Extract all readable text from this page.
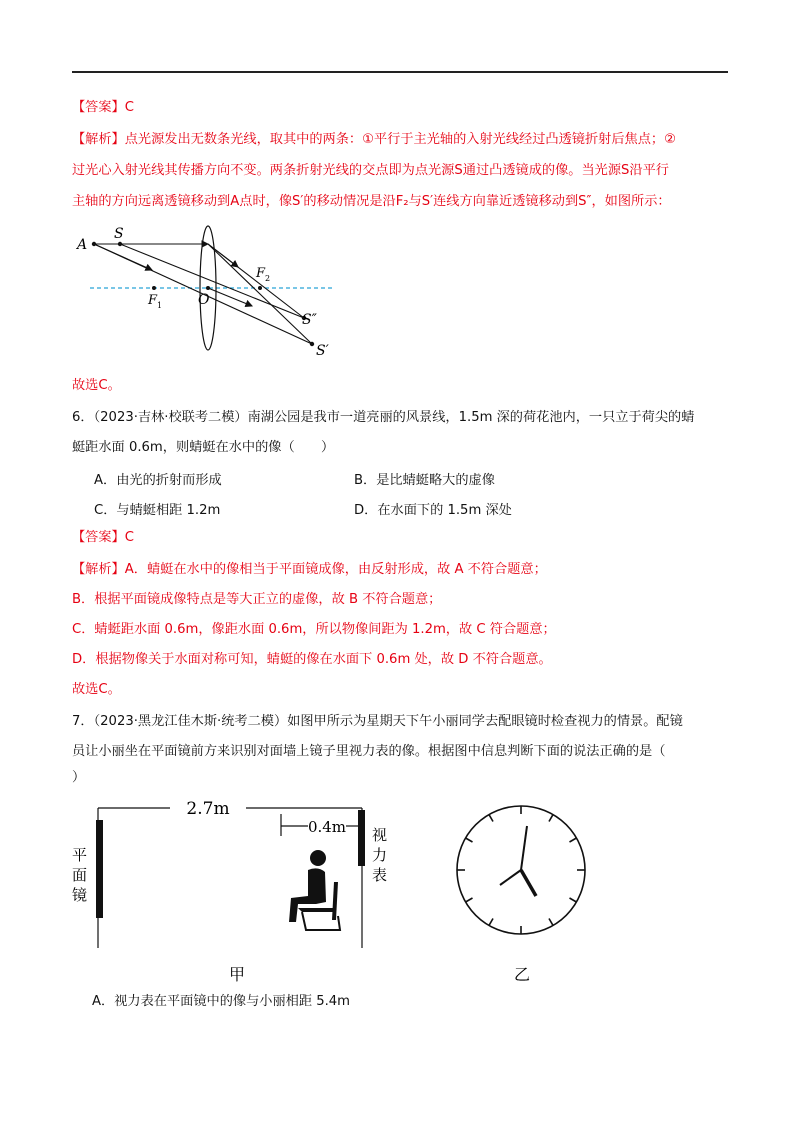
【答案】C
【解析】点光源发出无数条光线，取其中的两条：①平行于主光轴的入射光线经过凸透镜折射后焦点；②
过光心入射光线其传播方向不变。两条折射光线的交点即为点光源S通过凸透镜成的像。当光源S沿平行
主轴的方向远离透镜移动到A点时，像S′的移动情况是沿F₂与S′连线方向靠近透镜移动到S″，如图所示：
A
S
F 1
F 2
O
S″
S′
故选C。
6．（2023·吉林·校联考二模）南湖公园是我市一道亮丽的风景线，1.5m 深的荷花池内，一只立于荷尖的蜻
蜓距水面 0.6m，则蜻蜓在水中的像（　　）
A．由光的折射而形成	B．是比蜻蜓略大的虚像
C．与蜻蜓相距 1.2m	D．在水面下的 1.5m 深处
【答案】C
【解析】A．蜻蜓在水中的像相当于平面镜成像，由反射形成，故 A 不符合题意；
B．根据平面镜成像特点是等大正立的虚像，故 B 不符合题意；
C．蜻蜓距水面 0.6m，像距水面 0.6m，所以物像间距为 1.2m，故 C 符合题意；
D．根据物像关于水面对称可知，蜻蜓的像在水面下 0.6m 处，故 D 不符合题意。
故选C。
7．（2023·黑龙江佳木斯·统考二模）如图甲所示为星期天下午小丽同学去配眼镜时检查视力的情景。配镜
员让小丽坐在平面镜前方来识别对面墙上镜子里视力表的像。根据图中信息判断下面的说法正确的是（
）
2.7m
0.4m
平
面
镜
视
力
表
甲	乙
A．视力表在平面镜中的像与小丽相距 5.4m
